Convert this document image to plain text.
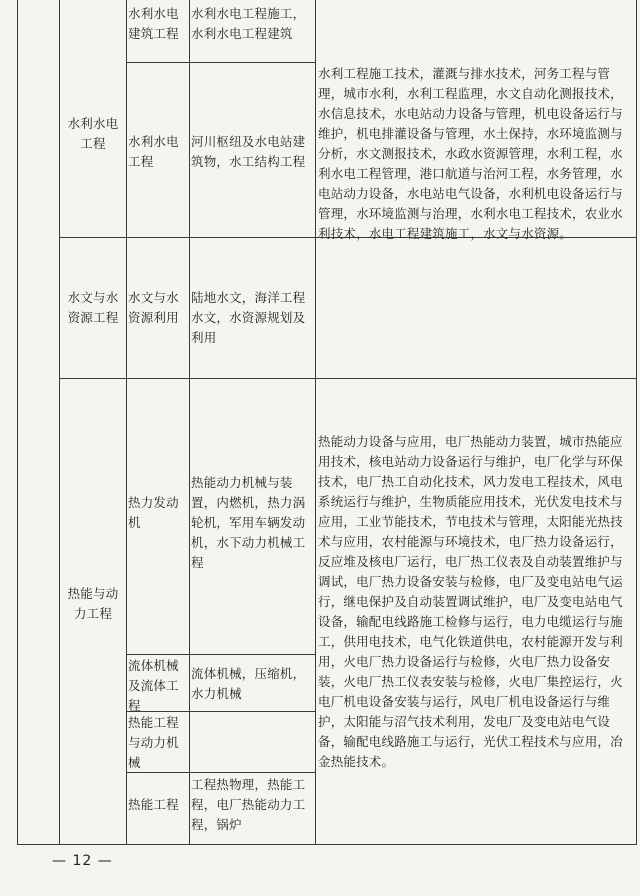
水利水电工程
水利水电建筑工程
水利水电工程施工，水利水电工程建筑
水利水电工程
河川枢纽及水电站建筑物，水工结构工程
水利工程施工技术，灌溉与排水技术，河务工程与管理，城市水利，水利工程监理，水文自动化测报技术，水信息技术，水电站动力设备与管理，机电设备运行与维护，机电排灌设备与管理，水土保持，水环境监测与分析，水文测报技术，水政水资源管理，水利工程，水利水电工程管理，港口航道与治河工程，水务管理，水电站动力设备，水电站电气设备，水利机电设备运行与管理，水环境监测与治理，水利水电工程技术，农业水利技术，水电工程建筑施工，水文与水资源。
水文与水资源工程
水文与水资源利用
陆地水文，海洋工程水文，水资源规划及利用
热能与动力工程
热力发动机
热能动力机械与装置，内燃机，热力涡轮机，军用车辆发动机，水下动力机械工程
流体机械及流体工程
流体机械，压缩机，水力机械
热能工程与动力机械
热能工程
工程热物理，热能工程，电厂热能动力工程，锅炉
热能动力设备与应用，电厂热能动力装置，城市热能应用技术，核电站动力设备运行与维护，电厂化学与环保技术，电厂热工自动化技术，风力发电工程技术，风电系统运行与维护，生物质能应用技术，光伏发电技术与应用，工业节能技术，节电技术与管理，太阳能光热技术与应用，农村能源与环境技术，电厂热力设备运行，反应堆及核电厂运行，电厂热工仪表及自动装置维护与调试，电厂热力设备安装与检修，电厂及变电站电气运行，继电保护及自动装置调试维护，电厂及变电站电气设备，输配电线路施工检修与运行，电力电缆运行与施工，供用电技术，电气化铁道供电，农村能源开发与利用，火电厂热力设备运行与检修，火电厂热力设备安装，火电厂热工仪表安装与检修，火电厂集控运行，火电厂机电设备安装与运行，风电厂机电设备运行与维护，太阳能与沼气技术利用，发电厂及变电站电气设备，输配电线路施工与运行，光伏工程技术与应用，冶金热能技术。
— 12 —
